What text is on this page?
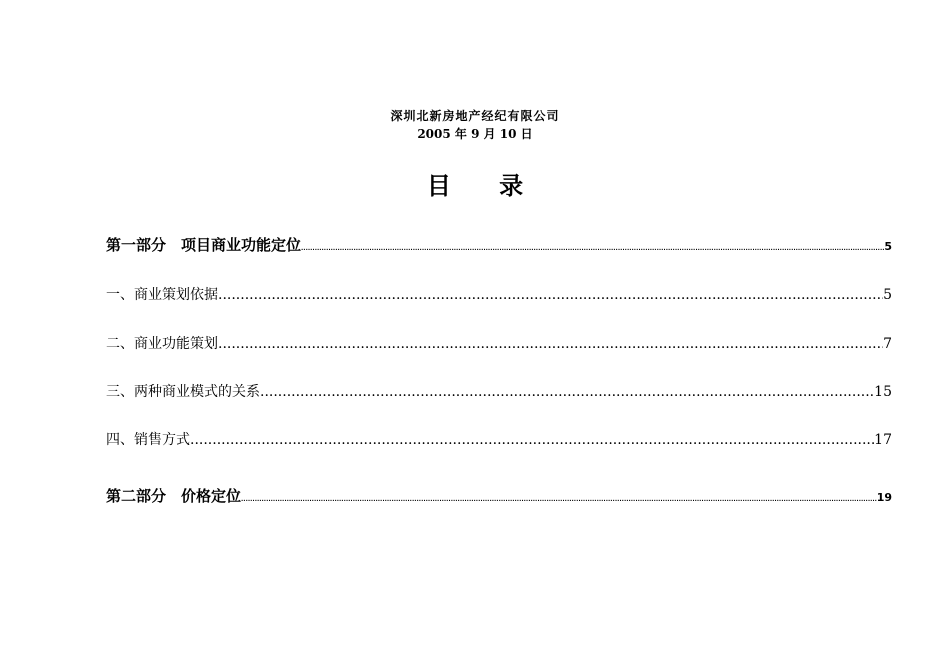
深圳北新房地产经纪有限公司
2005 年 9 月 10 日
目 录
第一部分　项目商业功能定位 .....	5
一、商业策划依据 .....	5
二、商业功能策划 .....	7
三、两种商业模式的关系 .....	15
四、销售方式 .....	17
第二部分　价格定位 .....	19
